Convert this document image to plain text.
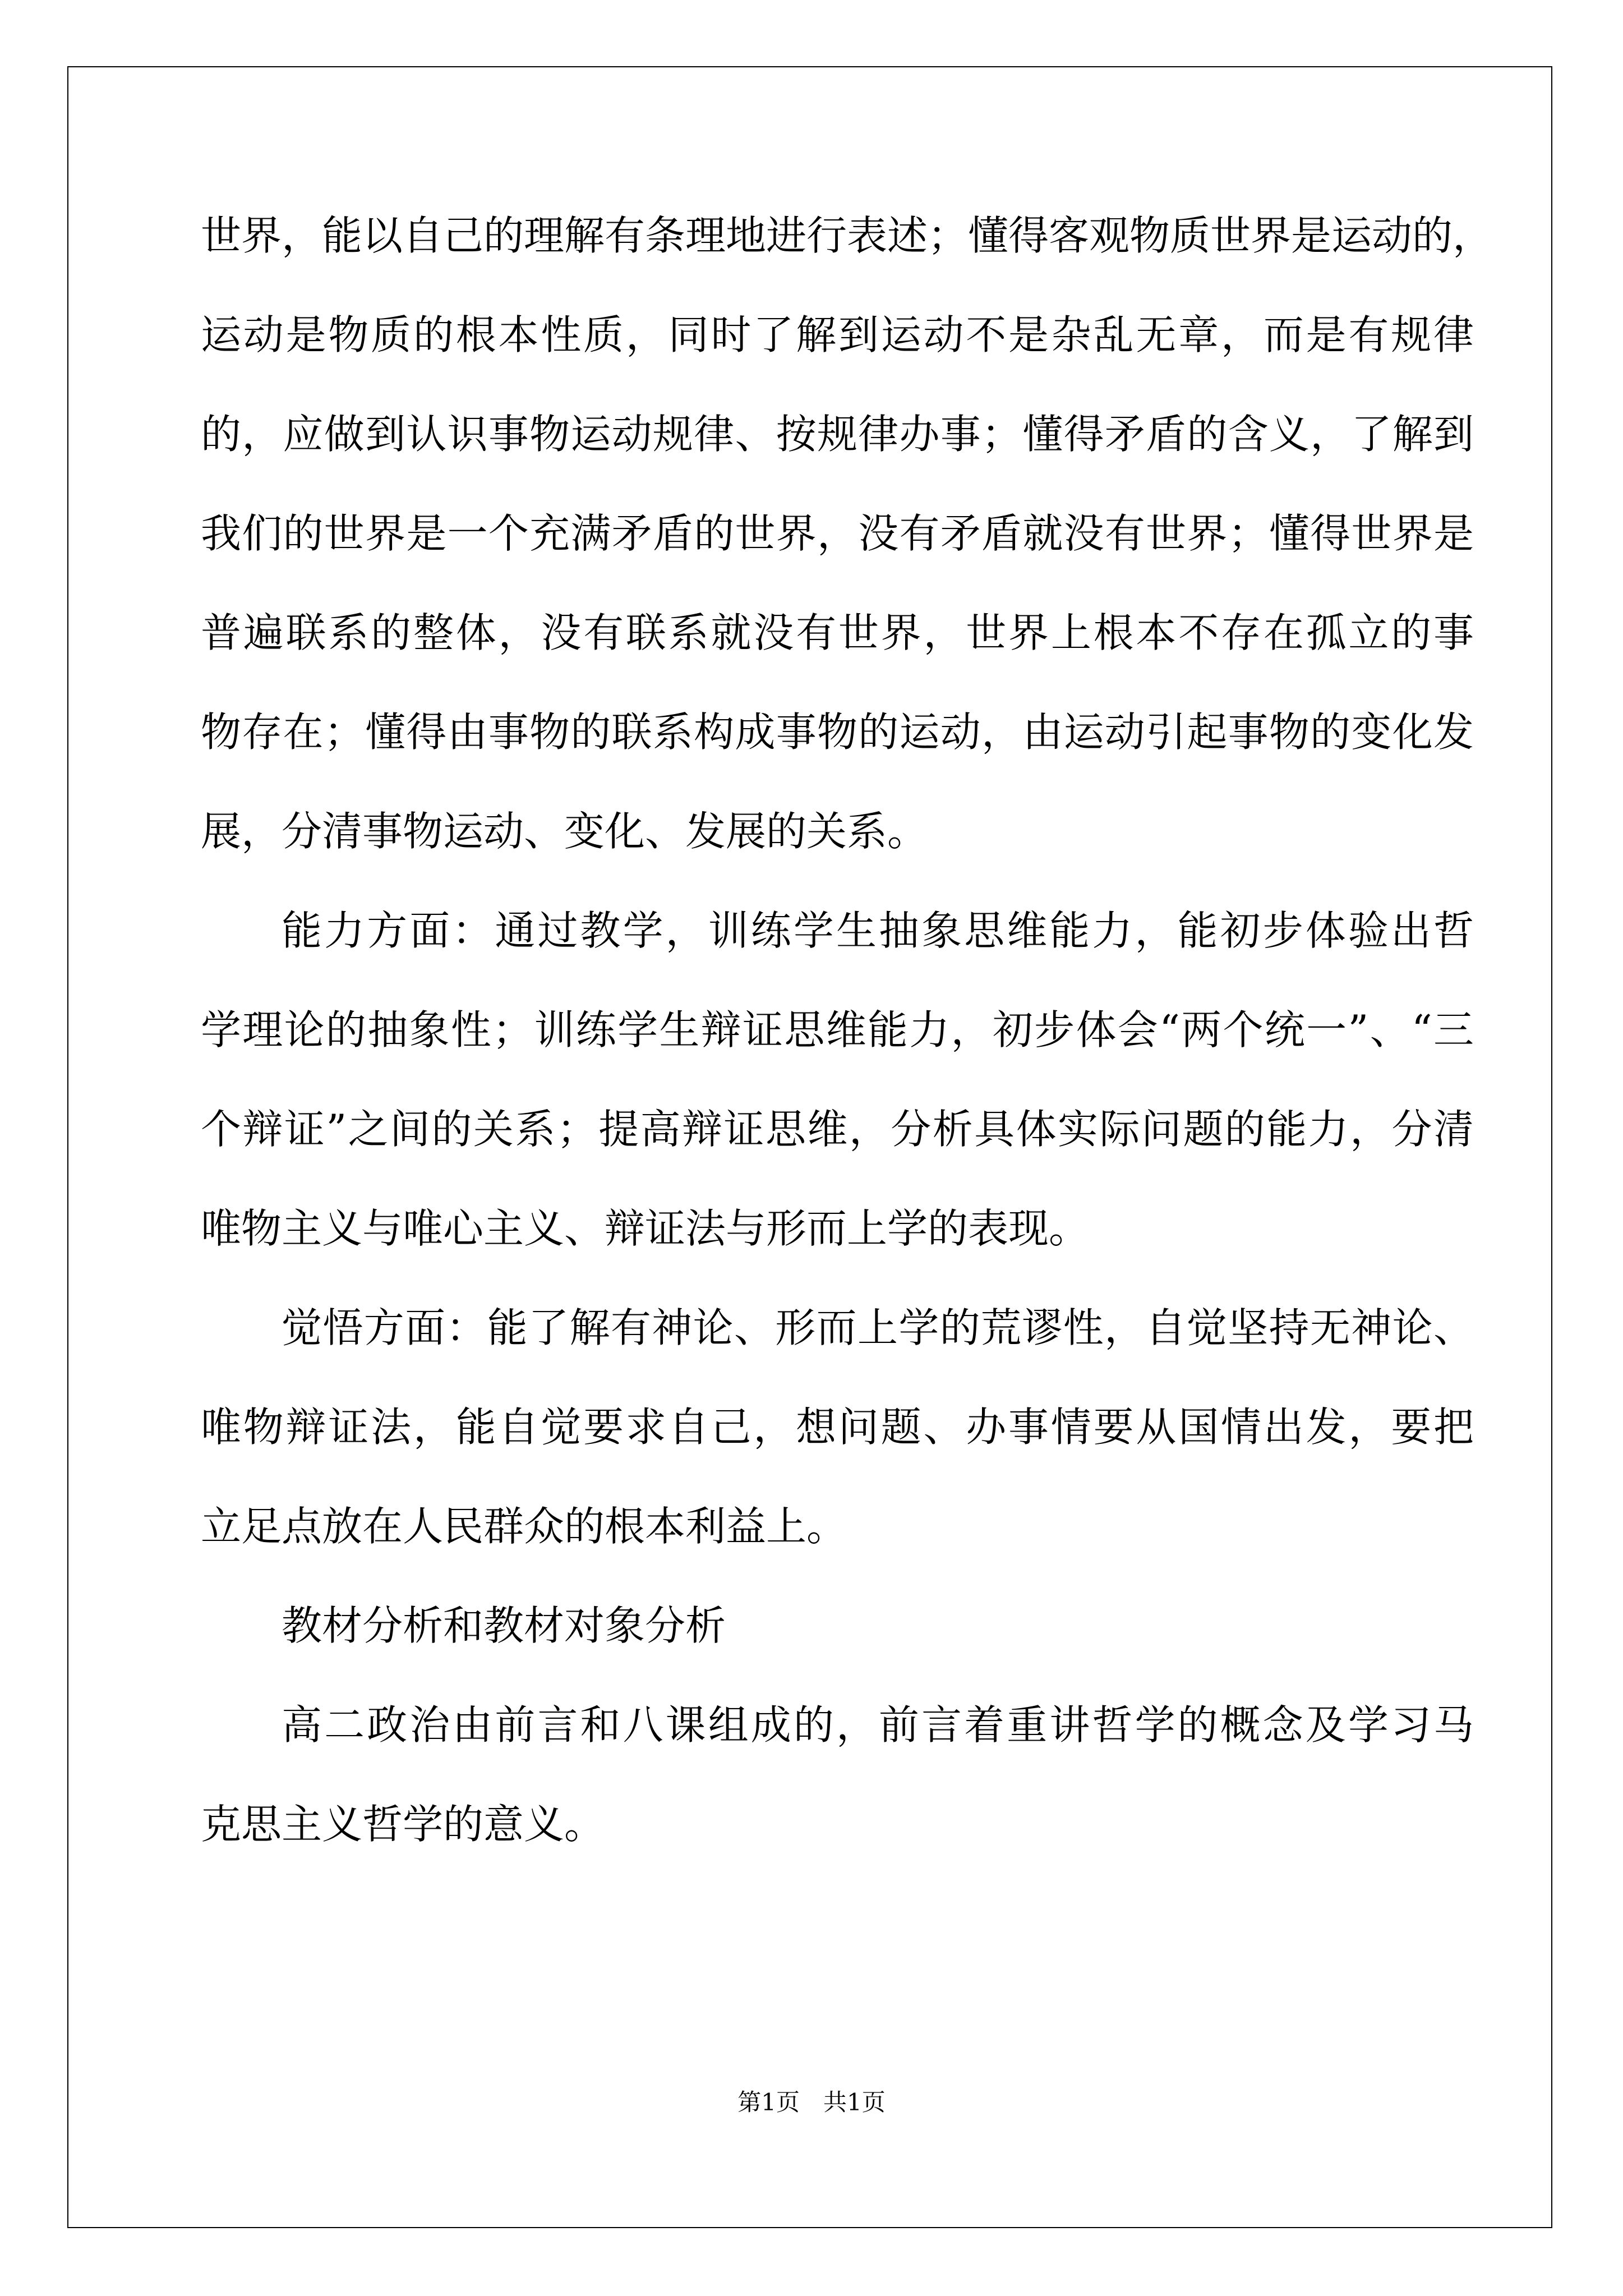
世界，能以自己的理解有条理地进行表述；懂得客观物质世界是运动的，

运动是物质的根本性质，同时了解到运动不是杂乱无章，而是有规律

的，应做到认识事物运动规律、按规律办事；懂得矛盾的含义，了解到

我们的世界是一个充满矛盾的世界，没有矛盾就没有世界；懂得世界是

普遍联系的整体，没有联系就没有世界，世界上根本不存在孤立的事

物存在；懂得由事物的联系构成事物的运动，由运动引起事物的变化发

展，分清事物运动、变化、发展的关系。

能力方面：通过教学，训练学生抽象思维能力，能初步体验出哲

学理论的抽象性；训练学生辩证思维能力，初步体会“两个统一”、“三

个辩证”之间的关系；提高辩证思维，分析具体实际问题的能力，分清

唯物主义与唯心主义、辩证法与形而上学的表现。

觉悟方面：能了解有神论、形而上学的荒谬性，自觉坚持无神论、

唯物辩证法，能自觉要求自己，想问题、办事情要从国情出发，要把

立足点放在人民群众的根本利益上。

教材分析和教材对象分析

高二政治由前言和八课组成的，前言着重讲哲学的概念及学习马

克思主义哲学的意义。

第1页　共1页
